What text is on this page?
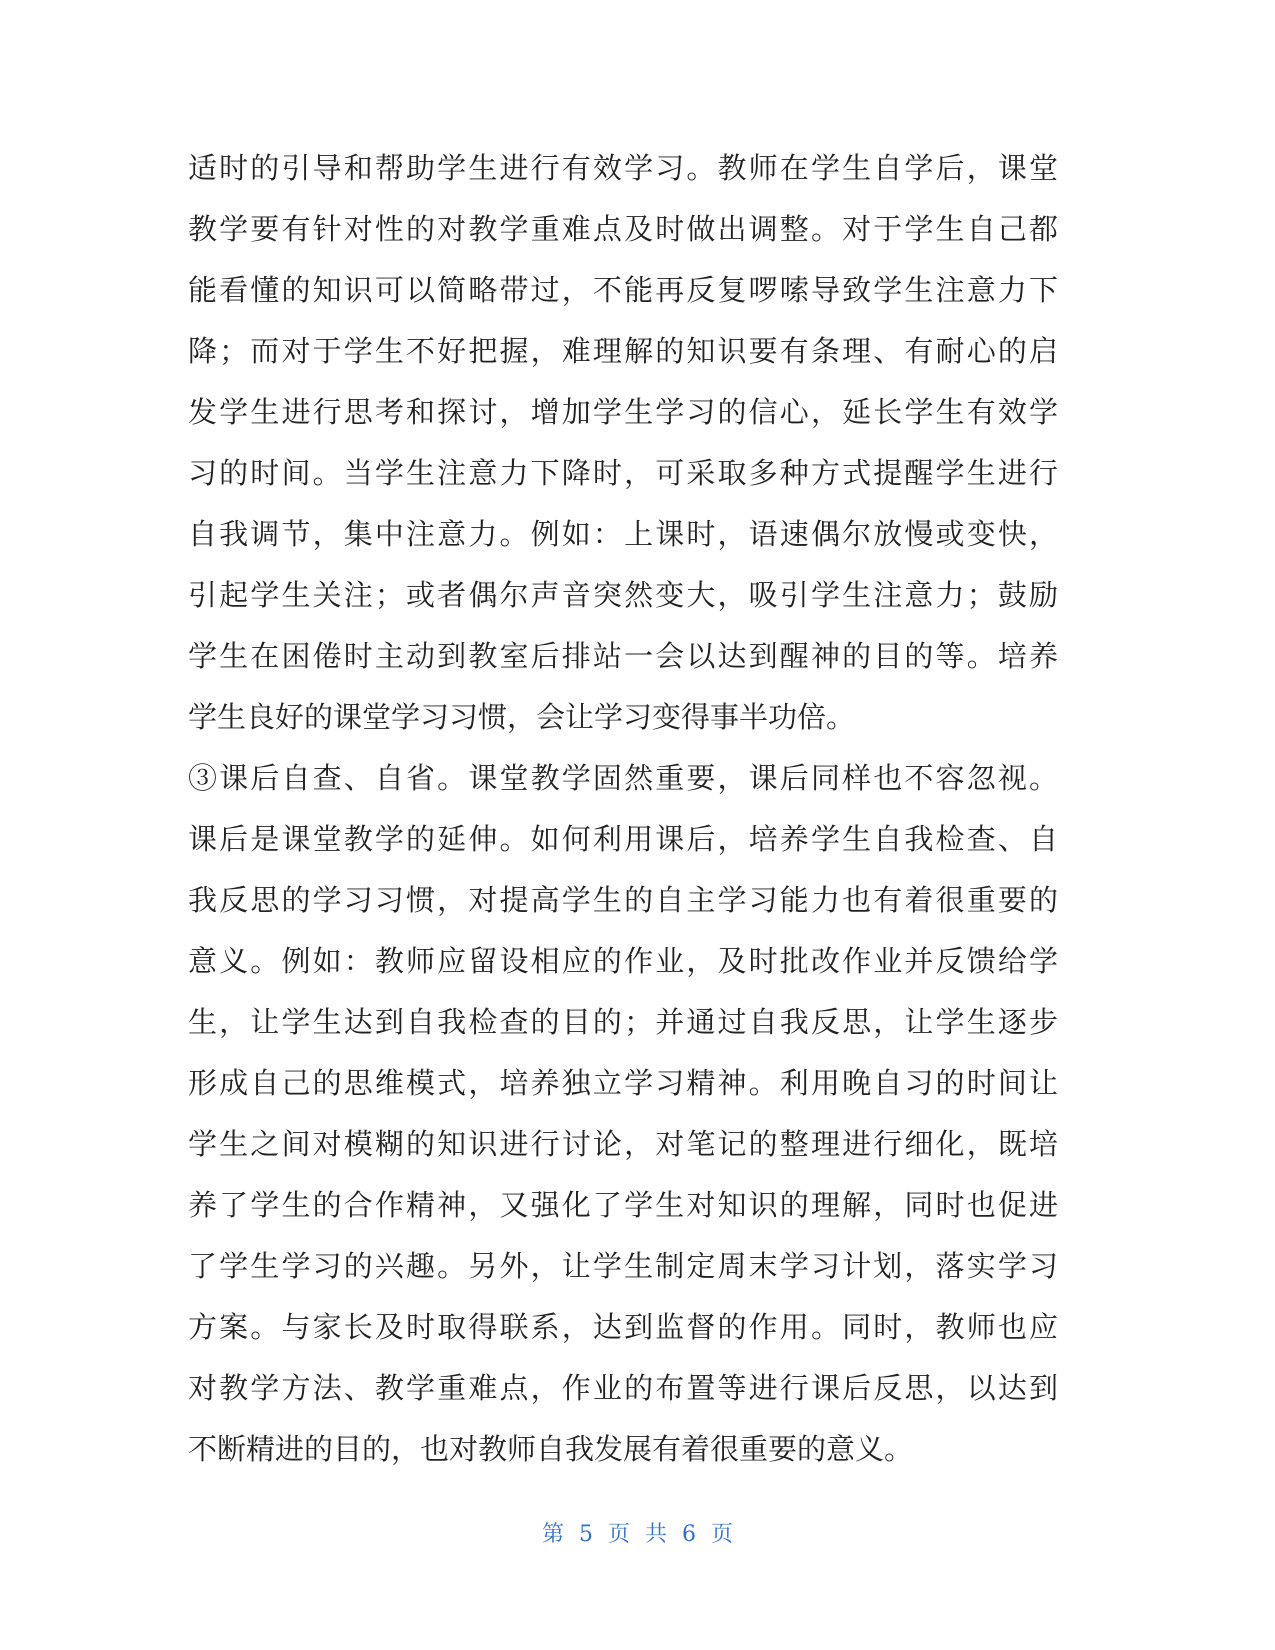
适时的引导和帮助学生进行有效学习。教师在学生自学后，课堂
教学要有针对性的对教学重难点及时做出调整。对于学生自己都
能看懂的知识可以简略带过，不能再反复啰嗦导致学生注意力下
降；而对于学生不好把握，难理解的知识要有条理、有耐心的启
发学生进行思考和探讨，增加学生学习的信心，延长学生有效学
习的时间。当学生注意力下降时，可采取多种方式提醒学生进行
自我调节，集中注意力。例如：上课时，语速偶尔放慢或变快，
引起学生关注；或者偶尔声音突然变大，吸引学生注意力；鼓励
学生在困倦时主动到教室后排站一会以达到醒神的目的等。培养
学生良好的课堂学习习惯，会让学习变得事半功倍。
③课后自查、自省。课堂教学固然重要，课后同样也不容忽视。
课后是课堂教学的延伸。如何利用课后，培养学生自我检查、自
我反思的学习习惯，对提高学生的自主学习能力也有着很重要的
意义。例如：教师应留设相应的作业，及时批改作业并反馈给学
生，让学生达到自我检查的目的；并通过自我反思，让学生逐步
形成自己的思维模式，培养独立学习精神。利用晚自习的时间让
学生之间对模糊的知识进行讨论，对笔记的整理进行细化，既培
养了学生的合作精神，又强化了学生对知识的理解，同时也促进
了学生学习的兴趣。另外，让学生制定周末学习计划，落实学习
方案。与家长及时取得联系，达到监督的作用。同时，教师也应
对教学方法、教学重难点，作业的布置等进行课后反思，以达到
不断精进的目的，也对教师自我发展有着很重要的意义。
第 5 页 共 6 页
